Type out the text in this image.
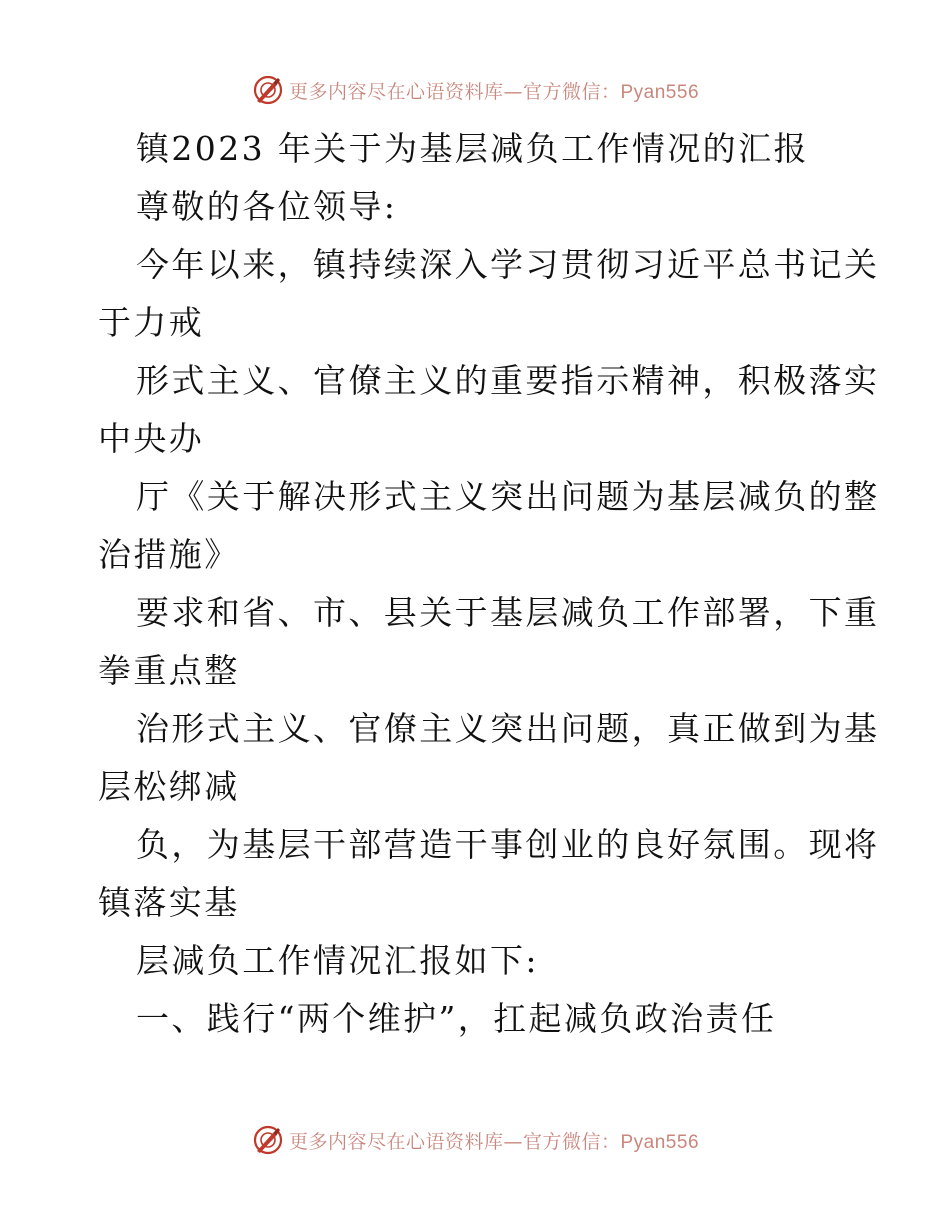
更多内容尽在心语资料库—官方微信：Pyan556
镇2023 年关于为基层减负工作情况的汇报
尊敬的各位领导:
今年以来，镇持续深入学习贯彻习近平总书记关
于力戒
形式主义、官僚主义的重要指示精神，积极落实
中央办
厅《关于解决形式主义突出问题为基层减负的整
治措施》
要求和省、市、县关于基层减负工作部署，下重
拳重点整
治形式主义、官僚主义突出问题，真正做到为基
层松绑减
负，为基层干部营造干事创业的良好氛围。现将
镇落实基
层减负工作情况汇报如下:
一、践行“两个维护”，扛起减负政治责任
更多内容尽在心语资料库—官方微信：Pyan556
